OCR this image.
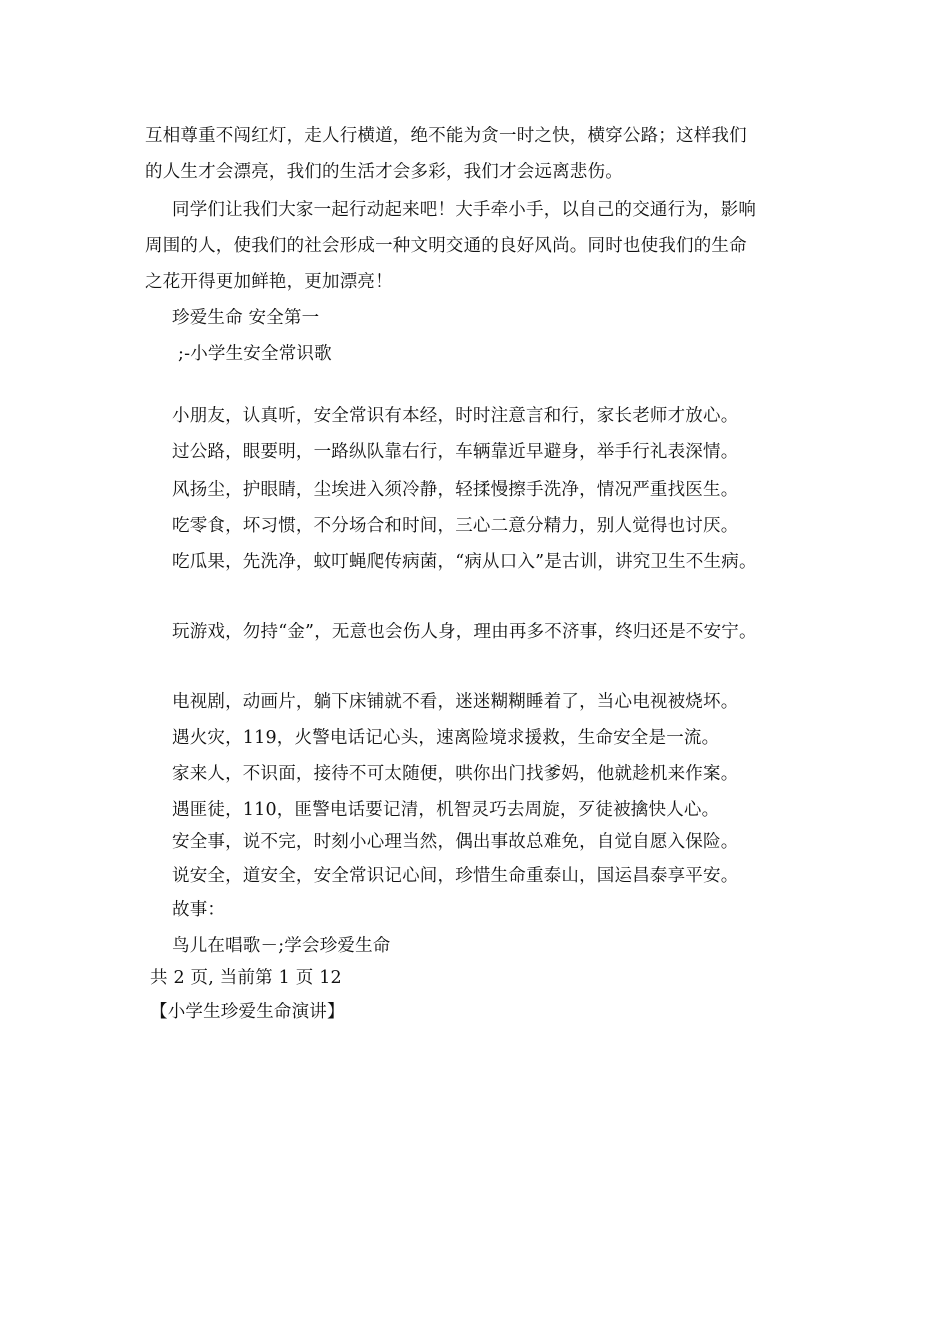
互相尊重不闯红灯，走人行横道，绝不能为贪一时之快，横穿公路；这样我们
的人生才会漂亮，我们的生活才会多彩，我们才会远离悲伤。
同学们让我们大家一起行动起来吧！大手牵小手，以自己的交通行为，影响
周围的人，使我们的社会形成一种文明交通的良好风尚。同时也使我们的生命
之花开得更加鲜艳，更加漂亮！
珍爱生命 安全第一
;-小学生安全常识歌
小朋友，认真听，安全常识有本经，时时注意言和行，家长老师才放心。
过公路，眼要明，一路纵队靠右行，车辆靠近早避身，举手行礼表深情。
风扬尘，护眼睛，尘埃进入须冷静，轻揉慢擦手洗净，情况严重找医生。
吃零食，坏习惯，不分场合和时间，三心二意分精力，别人觉得也讨厌。
吃瓜果，先洗净，蚊叮蝇爬传病菌，“病从口入”是古训，讲究卫生不生病。
玩游戏，勿持“金”，无意也会伤人身，理由再多不济事，终归还是不安宁。
电视剧，动画片，躺下床铺就不看，迷迷糊糊睡着了，当心电视被烧坏。
遇火灾，119，火警电话记心头，速离险境求援救，生命安全是一流。
家来人，不识面，接待不可太随便，哄你出门找爹妈，他就趁机来作案。
遇匪徒，110，匪警电话要记清，机智灵巧去周旋，歹徒被擒快人心。
安全事，说不完，时刻小心理当然，偶出事故总难免，自觉自愿入保险。
说安全，道安全，安全常识记心间，珍惜生命重泰山，国运昌泰享平安。
故事：
鸟儿在唱歌－;学会珍爱生命
共 2 页, 当前第 1 页 12
【小学生珍爱生命演讲】
